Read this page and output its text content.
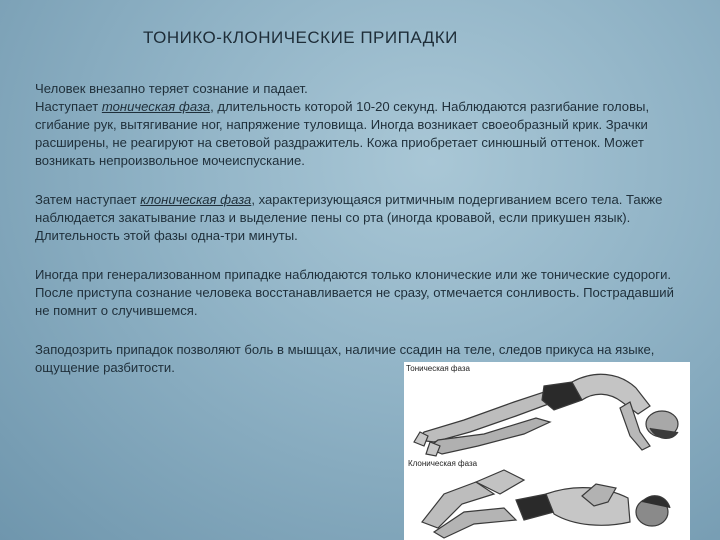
ТОНИКО-КЛОНИЧЕСКИЕ ПРИПАДКИ

Человек внезапно теряет сознание и падает.
Наступает тоническая фаза, длительность которой 10-20 секунд. Наблюдаются разгибание головы, сгибание рук, вытягивание ног, напряжение туловища. Иногда возникает своеобразный крик. Зрачки расширены, не реагируют на световой раздражитель. Кожа приобретает синюшный оттенок. Может возникать непроизвольное мочеиспускание.

Затем наступает клоническая фаза, характеризующаяся ритмичным подергиванием всего тела. Также наблюдается закатывание глаз и выделение пены со рта (иногда кровавой, если прикушен язык). Длительность этой фазы одна-три минуты.

Иногда при генерализованном припадке наблюдаются только клонические или же тонические судороги. После приступа сознание человека восстанавливается не сразу, отмечается сонливость. Пострадавший не помнит о случившемся.

Заподозрить припадок позволяют боль в мышцах, наличие ссадин на теле, следов прикуса на языке, ощущение разбитости.	Тоническая фаза
Клоническая фаза
